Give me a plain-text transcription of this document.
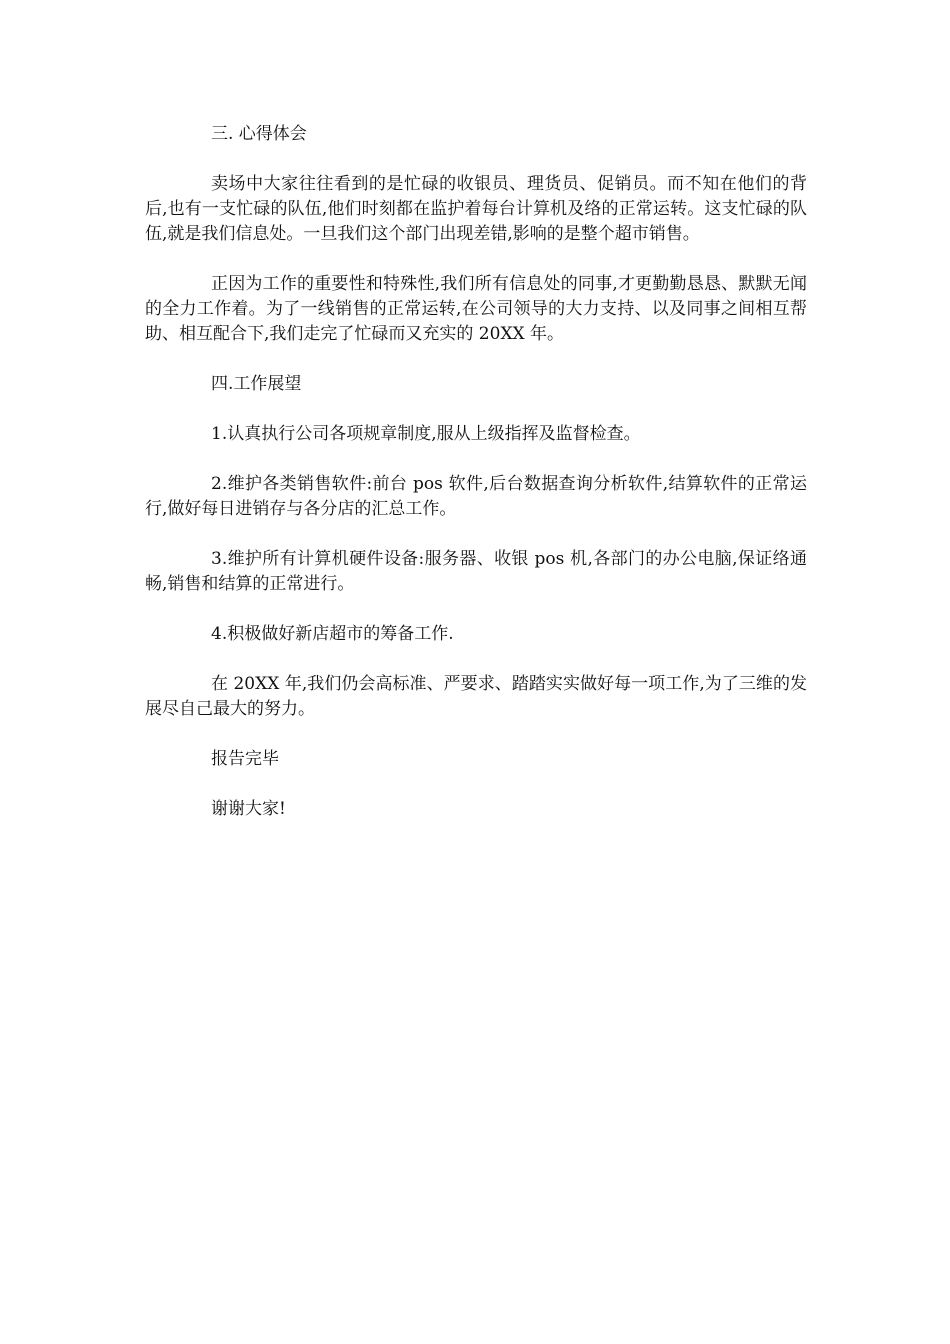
三. 心得体会

卖场中大家往往看到的是忙碌的收银员、理货员、促销员。而不知在他们的背后,也有一支忙碌的队伍,他们时刻都在监护着每台计算机及络的正常运转。这支忙碌的队伍,就是我们信息处。一旦我们这个部门出现差错,影响的是整个超市销售。

正因为工作的重要性和特殊性,我们所有信息处的同事,才更勤勤恳恳、默默无闻的全力工作着。为了一线销售的正常运转,在公司领导的大力支持、以及同事之间相互帮助、相互配合下,我们走完了忙碌而又充实的 20XX 年。

四.工作展望

1.认真执行公司各项规章制度,服从上级指挥及监督检查。

2.维护各类销售软件:前台 pos 软件,后台数据查询分析软件,结算软件的正常运行,做好每日进销存与各分店的汇总工作。

3.维护所有计算机硬件设备:服务器、收银 pos 机,各部门的办公电脑,保证络通畅,销售和结算的正常进行。

4.积极做好新店超市的筹备工作.

在 20XX 年,我们仍会高标准、严要求、踏踏实实做好每一项工作,为了三维的发展尽自己最大的努力。

报告完毕

谢谢大家!
